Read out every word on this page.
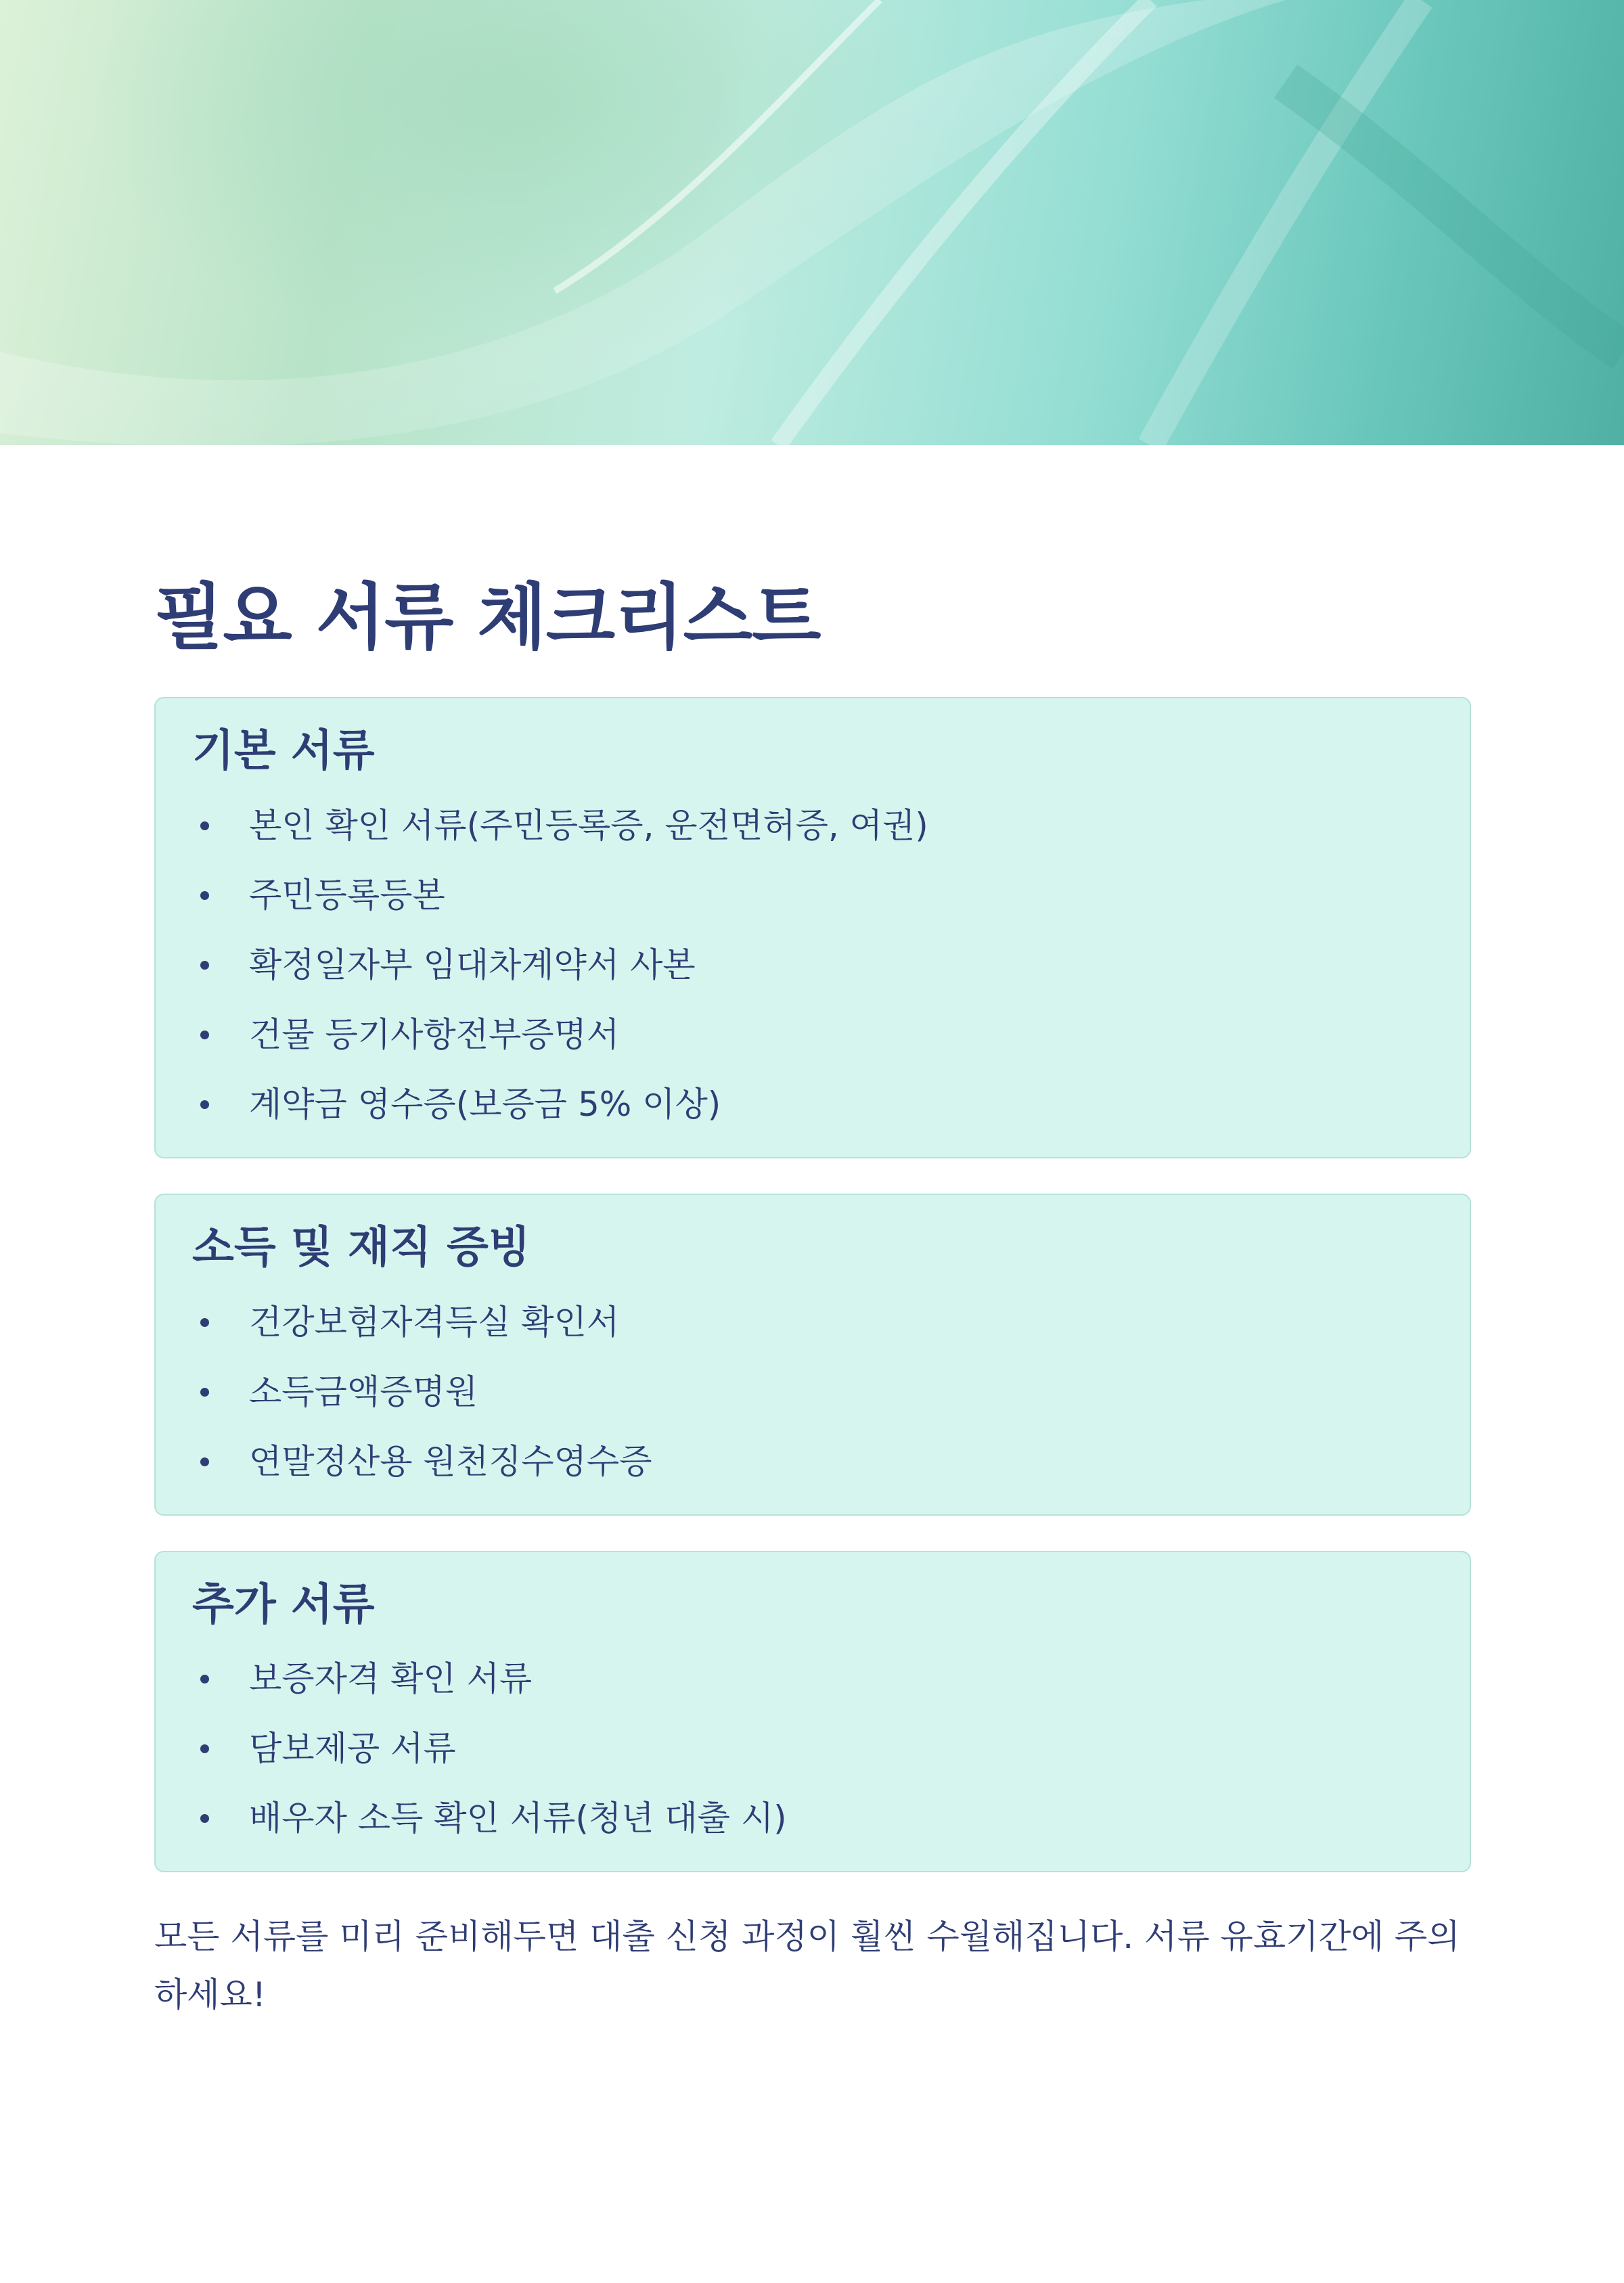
필요 서류 체크리스트
기본 서류
본인 확인 서류(주민등록증, 운전면허증, 여권)
주민등록등본
확정일자부 임대차계약서 사본
건물 등기사항전부증명서
계약금 영수증(보증금 5% 이상)
소득 및 재직 증빙
건강보험자격득실 확인서
소득금액증명원
연말정산용 원천징수영수증
추가 서류
보증자격 확인 서류
담보제공 서류
배우자 소득 확인 서류(청년 대출 시)

모든 서류를 미리 준비해두면 대출 신청 과정이 훨씬 수월해집니다. 서류 유효기간에 주의하세요!
